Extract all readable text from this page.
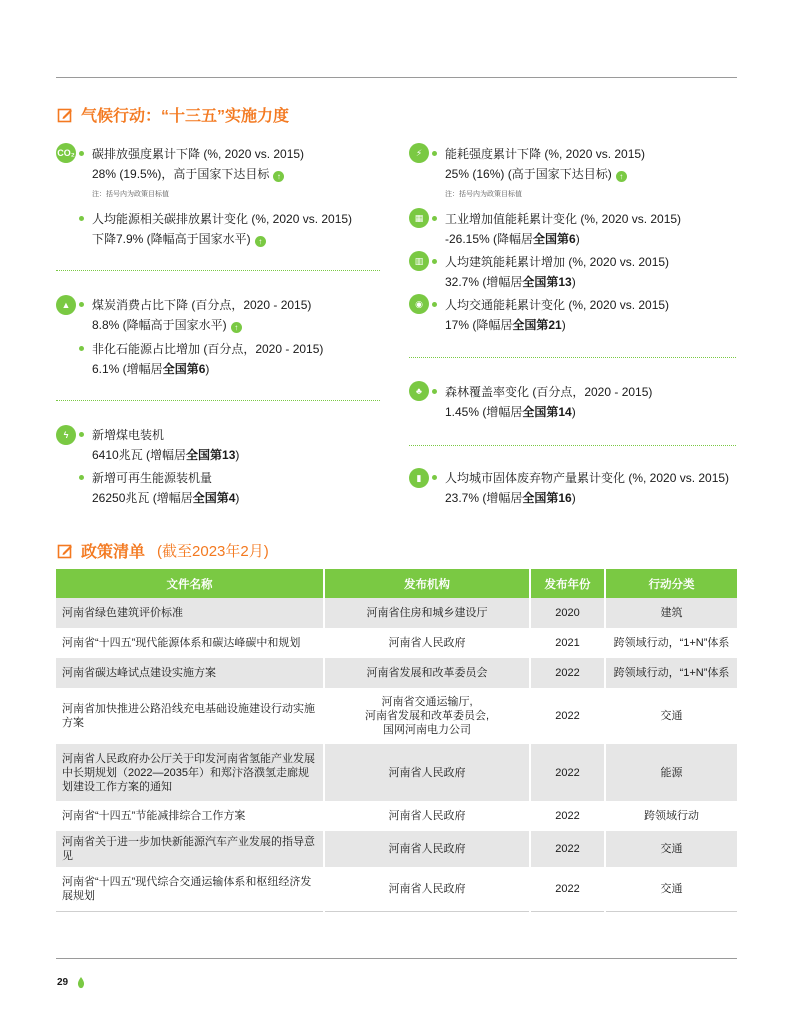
气候行动：“十三五”实施力度
CO₂	碳排放强度累计下降 (%, 2020 vs. 2015)
28% (19.5%)，高于国家下达目标 ↑
注：括号内为政策目标值
人均能源相关碳排放累计变化 (%, 2020 vs. 2015)
下降7.9% (降幅高于国家水平) ↑
▲	煤炭消费占比下降 (百分点，2020 - 2015)
8.8% (降幅高于国家水平) ↑
非化石能源占比增加 (百分点，2020 - 2015)
6.1% (增幅居全国第6)
ϟ	新增煤电装机
6410兆瓦 (增幅居全国第13)
新增可再生能源装机量
26250兆瓦 (增幅居全国第4)
⚡	能耗强度累计下降 (%, 2020 vs. 2015)
25% (16%) (高于国家下达目标) ↑
注：括号内为政策目标值
▦	工业增加值能耗累计变化 (%, 2020 vs. 2015)
-26.15% (降幅居全国第6)
▥	人均建筑能耗累计增加 (%, 2020 vs. 2015)
32.7% (增幅居全国第13)
◉	人均交通能耗累计变化 (%, 2020 vs. 2015)
17% (降幅居全国第21)
♣	森林覆盖率变化 (百分点，2020 - 2015)
1.45% (增幅居全国第14)
▮	人均城市固体废弃物产量累计变化 (%, 2020 vs. 2015)
23.7% (增幅居全国第16)
政策清单 (截至2023年2月)
文件名称	发布机构	发布年份	行动分类
河南省绿色建筑评价标准	河南省住房和城乡建设厅	2020	建筑
河南省“十四五”现代能源体系和碳达峰碳中和规划	河南省人民政府	2021	跨领域行动，“1+N”体系
河南省碳达峰试点建设实施方案	河南省发展和改革委员会	2022	跨领域行动，“1+N”体系
河南省加快推进公路沿线充电基础设施建设行动实施方案	河南省交通运输厅,
河南省发展和改革委员会,
国网河南电力公司	2022	交通
河南省人民政府办公厅关于印发河南省氢能产业发展中长期规划（2022—2035年）和郑汴洛濮氢走廊规划建设工作方案的通知	河南省人民政府	2022	能源
河南省“十四五”节能减排综合工作方案	河南省人民政府	2022	跨领域行动
河南省关于进一步加快新能源汽车产业发展的指导意见	河南省人民政府	2022	交通
河南省“十四五”现代综合交通运输体系和枢纽经济发展规划	河南省人民政府	2022	交通
29
